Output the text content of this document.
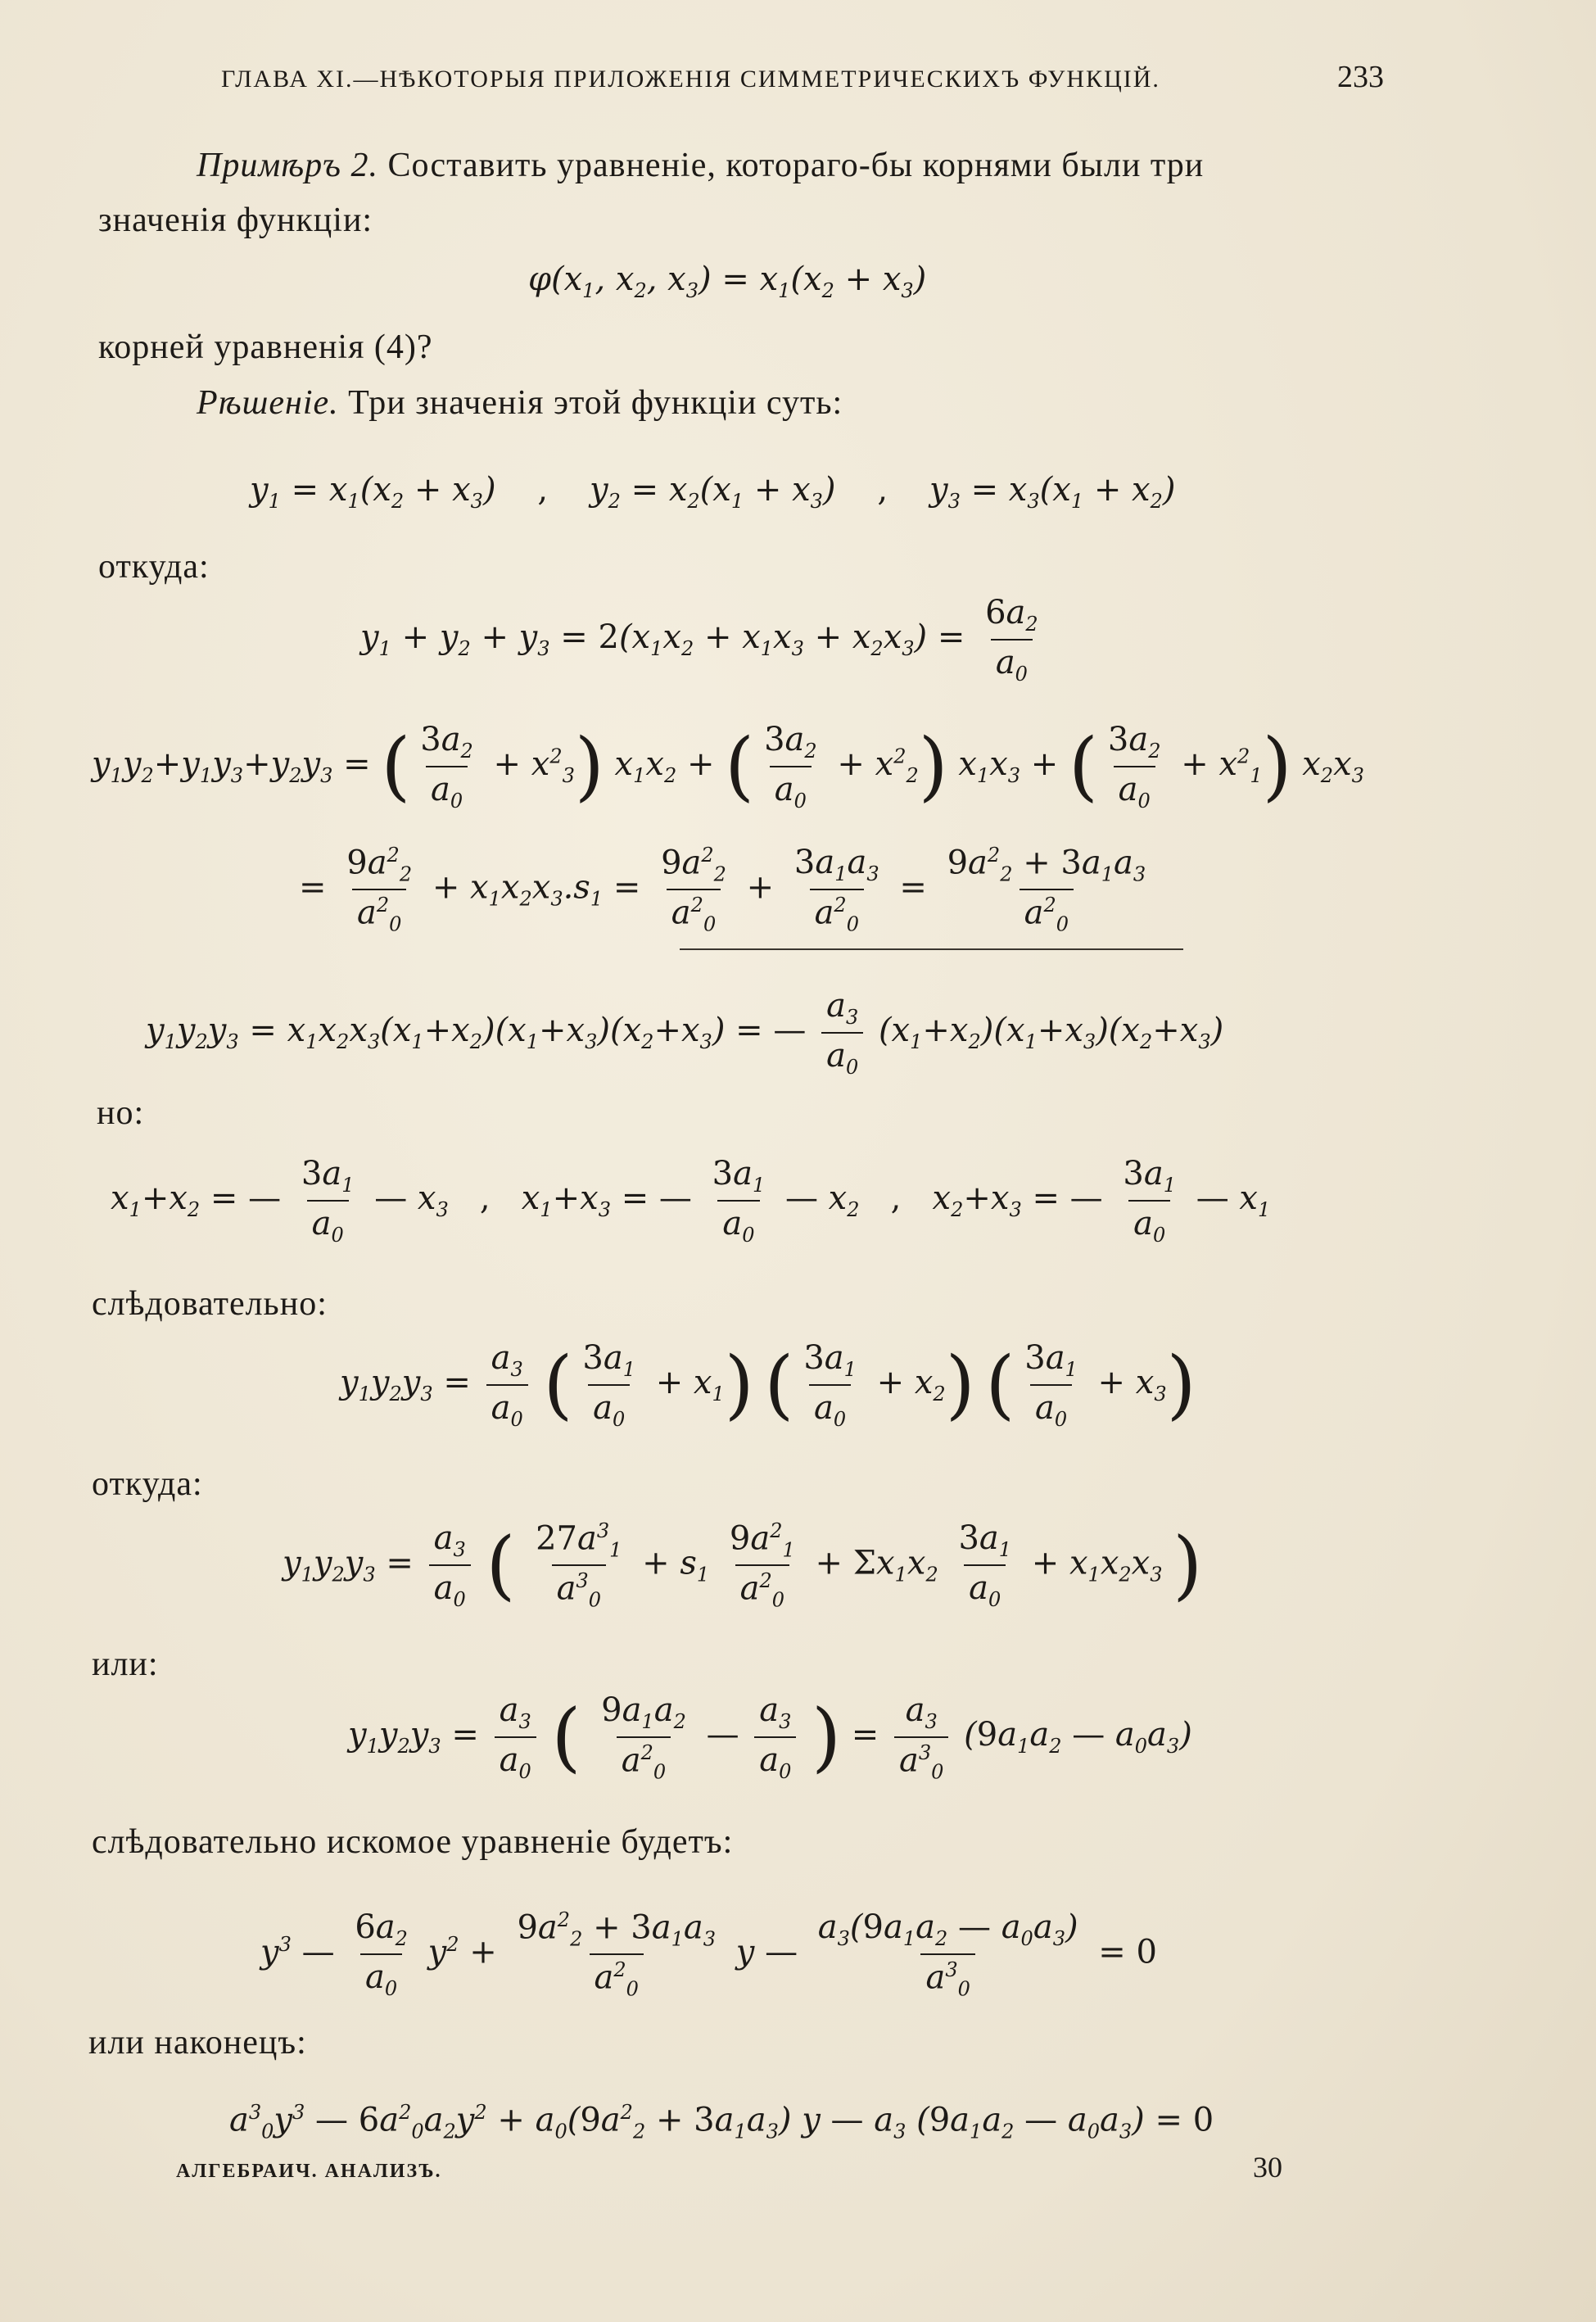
ГЛАВА XI.—НѢКОТОРЫЯ ПРИЛОЖЕНІЯ СИММЕТРИЧЕСКИХЪ ФУНКЦІЙ.	233
Примѣръ 2. Составить уравненіе, котораго-бы корнями были три
значенія функціи:
$\varphi(x_1$, $x_2$, $x_3) = x_1(x_2 + x_3)$
корней уравненія (4)?
Рѣшеніе. Три значенія этой функціи суть:
$y_1 = x_1(x_2 + x_3)$    ,    $y_2 = x_2(x_1 + x_3)$    ,    $y_3 = x_3(x_1 + x_2)$
откуда:
$y_1 + y_2 + y_3 = 2(x_1x_2 + x_1x_3 + x_2x_3) = \frac{6a_2}{a_0}$
$y_1y_2+y_1y_3+y_2y_3$ = ( $\frac{3a_2}{a_0} + x^2_3$) $x_1x_2$ + ( $\frac{3a_2}{a_0} + x^2_2$) $x_1x_3$ + ( $\frac{3a_2}{a_0} + x^2_1$) $x_2x_3$
= $\frac{9a^2_2}{a^2_0} + x_1x_2x_3.s_1 = \frac{9a^2_2}{a^2_0} + \frac{3a_1a_3}{a^2_0} = \frac{9a^2_2 + 3a_1a_3}{a^2_0}$
$y_1y_2y_3 = x_1x_2x_3(x_1+x_2)(x_1+x_3)(x_2+x_3)$ = — $\frac{a_3}{a_0} (x_1+x_2)(x_1+x_3)(x_2+x_3)$
но:
$x_1+x_2$ = — $\frac{3a_1}{a_0}$ — $x_3$ ,   $x_1+x_3$ = — $\frac{3a_1}{a_0}$ — $x_2$ ,   $x_2+x_3$ = — $\frac{3a_1}{a_0}$ — $x_1$
слѣдовательно:
$y_1y_2y_3 = \frac{a_3}{a_0}$ ( $\frac{3a_1}{a_0} + x_1$) ( $\frac{3a_1}{a_0} + x_2$) ( $\frac{3a_1}{a_0} + x_3$)
откуда:
$y_1y_2y_3 = \frac{a_3}{a_0}$ ( $\frac{27a^3_1}{a^3_0} + s_1 \frac{9a^2_1}{a^2_0} + \Sigma x_1x_2 \frac{3a_1}{a_0} + x_1x_2x_3$ )
или:
$y_1y_2y_3 = \frac{a_3}{a_0}$ ( $\frac{9a_1a_2}{a^2_0}$ — $\frac{a_3}{a_0}$ ) = $\frac{a_3}{a^3_0} (9a_1a_2$ — $a_0a_3$)
слѣдовательно искомое уравненіе будетъ:
$y^3$ — $\frac{6a_2}{a_0} y^2 + \frac{9a^2_2 + 3a_1a_3}{a^2_0}$ y — $\frac{a_3(9a_1a_2 — a_0a_3)}{a^3_0} = 0$
или наконецъ:
$a^3_0y^3$ — $6a^2_0a_2y^2 + a_0(9a^2_2 + 3a_1a_3)$ y — $a_3$ ($9a_1a_2$ — $a_0a_3) = 0$
АЛГЕБРАИЧ. АНАЛИЗЪ.	30
